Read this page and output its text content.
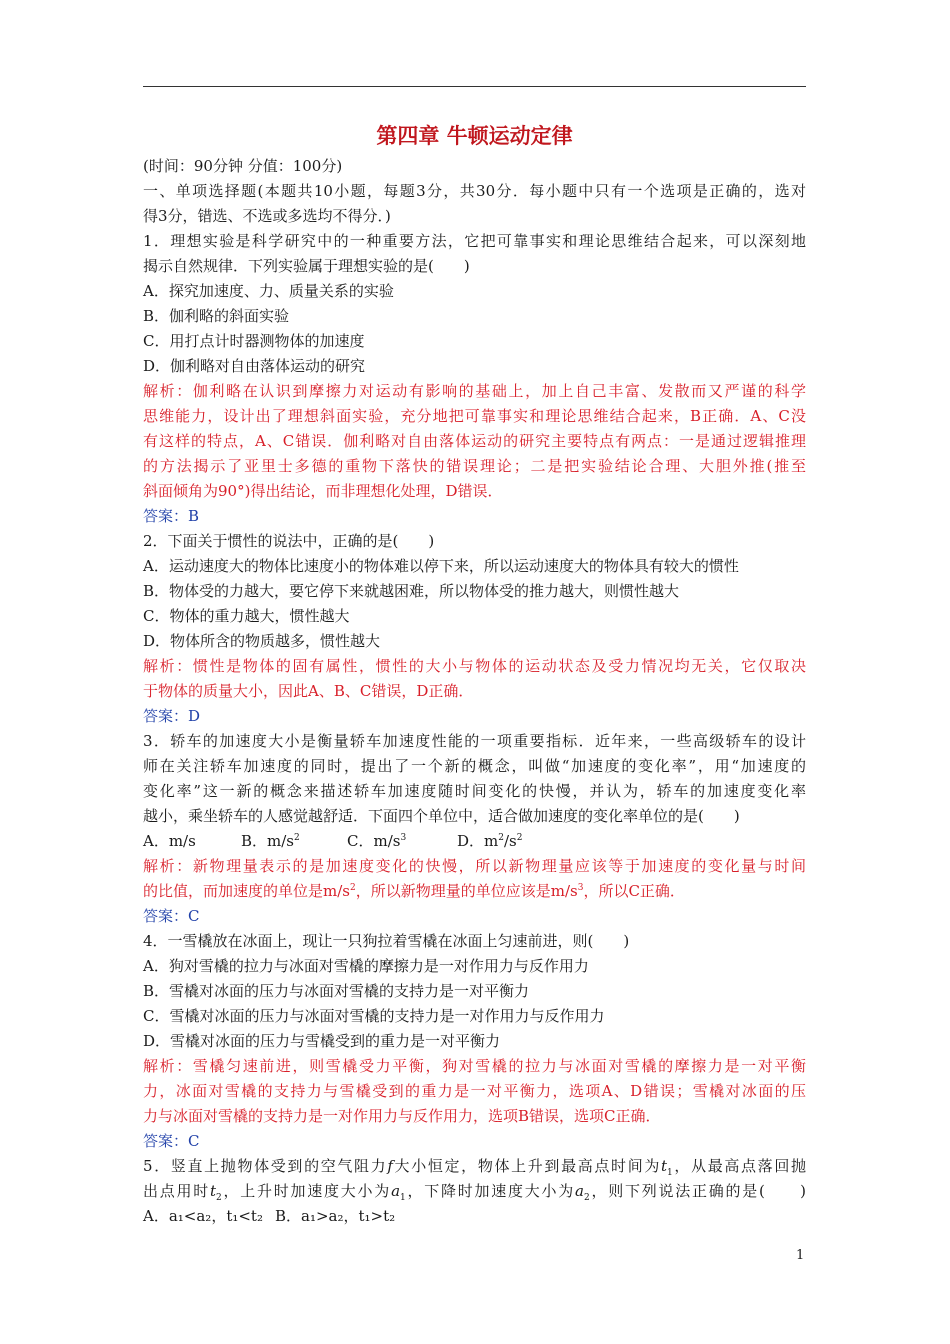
第四章 牛顿运动定律
(时间：90分钟 分值：100分)
一、单项选择题(本题共10小题，每题3分，共30分．每小题中只有一个选项是正确的，选对
得3分，错选、不选或多选均不得分．)
1．理想实验是科学研究中的一种重要方法，它把可靠事实和理论思维结合起来，可以深刻地
揭示自然规律．下列实验属于理想实验的是(　　)
A．探究加速度、力、质量关系的实验
B．伽利略的斜面实验
C．用打点计时器测物体的加速度
D．伽利略对自由落体运动的研究
解析：伽利略在认识到摩擦力对运动有影响的基础上，加上自己丰富、发散而又严谨的科学
思维能力，设计出了理想斜面实验，充分地把可靠事实和理论思维结合起来，B正确．A、C没
有这样的特点，A、C错误．伽利略对自由落体运动的研究主要特点有两点：一是通过逻辑推理
的方法揭示了亚里士多德的重物下落快的错误理论；二是把实验结论合理、大胆外推(推至
斜面倾角为90°)得出结论，而非理想化处理，D错误．
答案：B
2．下面关于惯性的说法中，正确的是(　　)
A．运动速度大的物体比速度小的物体难以停下来，所以运动速度大的物体具有较大的惯性
B．物体受的力越大，要它停下来就越困难，所以物体受的推力越大，则惯性越大
C．物体的重力越大，惯性越大
D．物体所含的物质越多，惯性越大
解析：惯性是物体的固有属性，惯性的大小与物体的运动状态及受力情况均无关，它仅取决
于物体的质量大小，因此A、B、C错误，D正确．
答案：D
3．轿车的加速度大小是衡量轿车加速度性能的一项重要指标．近年来，一些高级轿车的设计
师在关注轿车加速度的同时，提出了一个新的概念，叫做“加速度的变化率”，用“加速度的
变化率”这一新的概念来描述轿车加速度随时间变化的快慢，并认为，轿车的加速度变化率
越小，乘坐轿车的人感觉越舒适．下面四个单位中，适合做加速度的变化率单位的是(　　)
A．m/s	B．$m/s^2$	C．$m/s^3$	D．$m^2/s^2$
解析：新物理量表示的是加速度变化的快慢，所以新物理量应该等于加速度的变化量与时间
的比值，而加速度的单位是$m/s^2$，所以新物理量的单位应该是$m/s^3$，所以C正确．
答案：C
4．一雪橇放在冰面上，现让一只狗拉着雪橇在冰面上匀速前进，则(　　)
A．狗对雪橇的拉力与冰面对雪橇的摩擦力是一对作用力与反作用力
B．雪橇对冰面的压力与冰面对雪橇的支持力是一对平衡力
C．雪橇对冰面的压力与冰面对雪橇的支持力是一对作用力与反作用力
D．雪橇对冰面的压力与雪橇受到的重力是一对平衡力
解析：雪橇匀速前进，则雪橇受力平衡，狗对雪橇的拉力与冰面对雪橇的摩擦力是一对平衡
力，冰面对雪橇的支持力与雪橇受到的重力是一对平衡力，选项A、D错误；雪橇对冰面的压
力与冰面对雪橇的支持力是一对作用力与反作用力，选项B错误，选项C正确．
答案：C
5．竖直上抛物体受到的空气阻力f大小恒定，物体上升到最高点时间为$t_1$，从最高点落回抛
出点用时$t_2$，上升时加速度大小为$a_1$，下降时加速度大小为$a_2$，则下列说法正确的是(　　)
A．a₁<a₂，t₁<t₂ B．a₁>a₂，t₁>t₂
1
